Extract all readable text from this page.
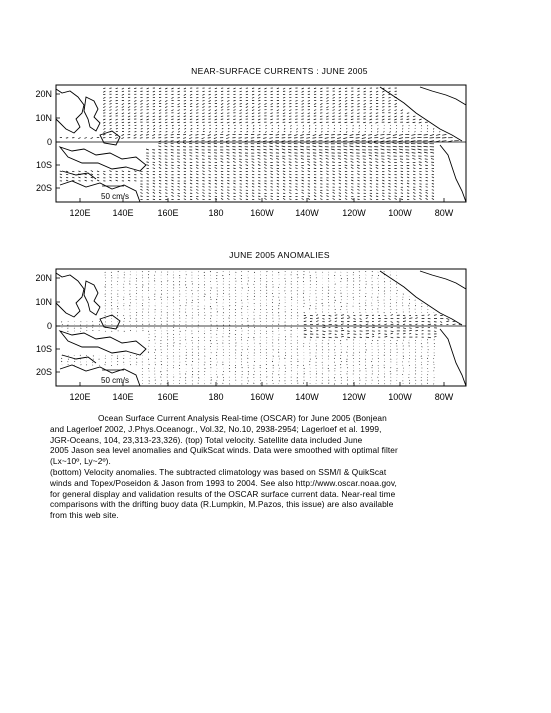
NEAR-SURFACE CURRENTS : JUNE 2005
20N
10N
0
10S
20S
120E 140E	160E	180	160W 140W	120W 100W	80W
50 cm/s
JUNE 2005 ANOMALIES
20N
10N
0
10S
20S
120E 140E	160E	180	160W 140W	120W 100W	80W
50 cm/s

Ocean Surface Current Analysis Real-time (OSCAR) for June 2005 (Bonjean

and Lagerloef 2002, J.Phys.Oceanogr., Vol.32, No.10, 2938-2954; Lagerloef et al. 1999,

JGR-Oceans, 104, 23,313-23,326). (top) Total velocity. Satellite data included June

2005 Jason sea level anomalies and QuikScat winds. Data were smoothed with optimal filter

(Lx~10º, Ly~2º).

(bottom) Velocity anomalies. The subtracted climatology was based on SSM/I & QuikScat

winds and Topex/Poseidon & Jason from 1993 to 2004. See also http://www.oscar.noaa.gov,

for general display and validation results of the OSCAR surface current data. Near-real time

comparisons with the drifting buoy data (R.Lumpkin, M.Pazos, this issue) are also available

from this web site.
